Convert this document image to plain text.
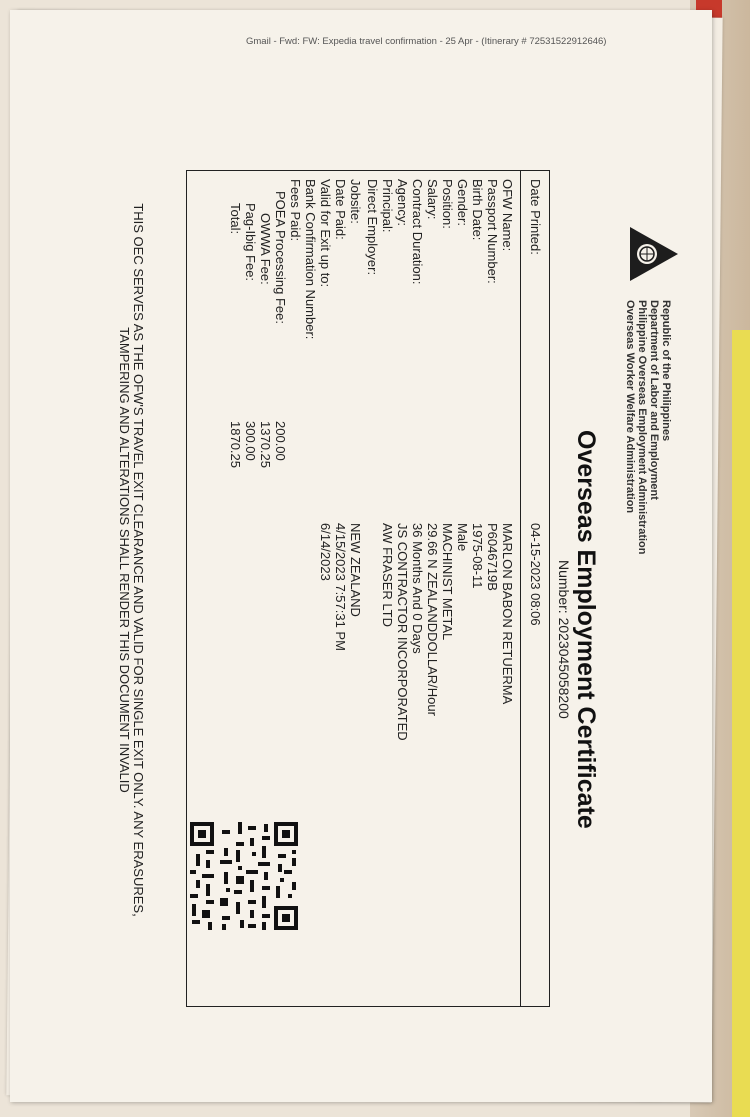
Gmail - Fwd: FW: Expedia travel confirmation - 25 Apr - (Itinerary # 72531522912646)
Republic of the Philippines
Department of Labor and Employment
Philippine Overseas Employment Administration
Overseas Worker Welfare Administration
Overseas Employment Certificate
Number: 20230450582​00
Date Printed:
04-15-2023 08:06
OFW Name:
MARLON BABON RETUERMA
Passport Number:
P6046719B
Birth Date:
1975-08-11
Gender:
Male
Position:
MACHINIST METAL
Salary:
29.66 N ZEALANDDOLLAR/Hour
Contract Duration:
36 Months And 0 Days
Agency:
JS CONTRACTOR INCORPORATED
Principal:
AW FRASER LTD
Direct Employer:
Jobsite:
NEW ZEALAND
Date Paid:
4/15/2023 7:57:31 PM
Valid for Exit up to:
6/14/2023
Bank Confirmation Number:
Fees Paid:
POEA Processing Fee:
200.00
OWWA Fee:
1370.25
Pag-Ibig Fee:
300.00
Total:
1870.25
THIS OEC SERVES AS THE OFW'S TRAVEL EXIT CLEARANCE AND VALID FOR SINGLE EXIT ONLY. ANY ERASURES,
TAMPERING AND ALTERATIONS SHALL RENDER THIS DOCUMENT INVALID
